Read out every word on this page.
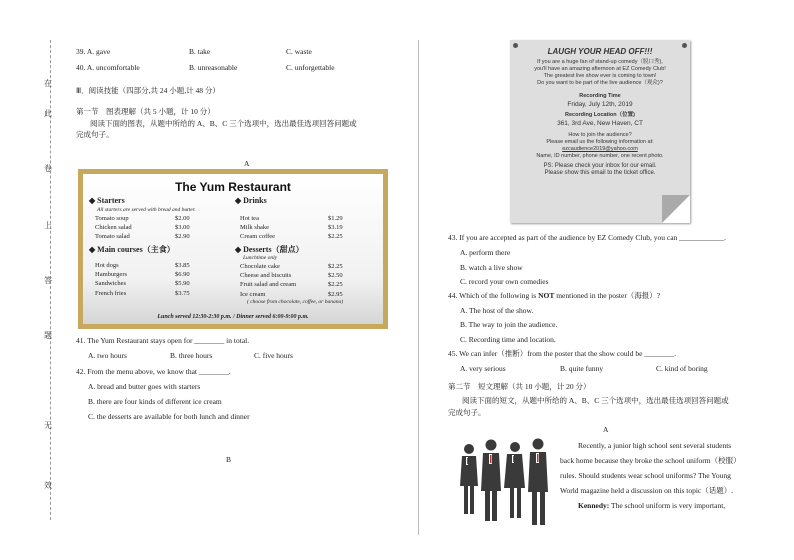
在
此
卷
上
答
题
无
效
39. A. gave	B. take	C. waste
40. A. uncomfortable	B. unreasonable	C. unforgettable
Ⅲ．阅读技能（四部分,共 24 小题,计 48 分）
第一节　图表理解（共 5 小题，计 10 分）
阅读下面的图表，从题中所给的 A、B、C 三个选项中，选出最佳选项回答问题或
完成句子。
A
The Yum Restaurant
◆ Starters
All starters are served with bread and butter.
Tomato soup	$2.00
Chicken salad	$3.00
Tomato salad	$2.90
◆ Main courses（主食）
Hot dogs	$3.85
Hamburgers	$6.90
Sandwiches	$5.90
French fries	$3.75
◆ Drinks
Hot tea	$1.29
Milk shake	$3.19
Cream coffee	$2.25
◆ Desserts（甜点）
Lunchtime only
Chocolate cake	$2.25
Cheese and biscuits	$2.50
Fruit salad and cream	$2.25
Ice cream	$2.95
( choose from chocolate, coffee, or banana)
Lunch served 12:30-2:30 p.m. / Dinner served 6:00-9:00 p.m.
41. The Yum Restaurant stays open for ________ in total.
A. two hours	B. three hours	C. five hours
42. From the menu above, we know that ________.
A. bread and butter goes with starters
B. there are four kinds of different ice cream
C. the desserts are available for both lunch and dinner
B
LAUGH YOUR HEAD OFF!!!
If you are a huge fan of stand-up comedy（脱口秀),
you'll have an amazing afternoon at EZ Comedy Club!
The greatest live show ever is coming to town!
Do you want to be part of the live audience（观众)?
Recording Time
Friday, July 12th, 2019
Recording Location（位置)
361, 3rd Ave, New Haven, CT
How to join the audience?
Please email us the following information at:
ezcaudience2019@yahoo.com
Name, ID number, phone number, one recent photo.
PS: Please check your inbox for our email.
Please show this email to the ticket office.
43. If you are accepted as part of the audience by EZ Comedy Club, you can ____________.
A. perform there
B. watch a live show
C. record your own comedies
44. Which of the following is NOT mentioned in the poster（海报）?
A. The host of the show.
B. The way to join the audience.
C. Recording time and location.
45. We can infer（推断）from the poster that the show could be ________.
A. very serious	B. quite funny	C. kind of boring
第二节　短文理解（共 10 小题，计 20 分）
阅读下面的短文，从题中所给的 A、B、C 三个选项中，选出最佳选项回答问题或
完成句子。
A
Recently, a junior high school sent several students
back home because they broke the school uniform（校服）
rules. Should students wear school uniforms? The Young
World magazine held a discussion on this topic（话题）.
Kennedy: The school uniform is very important,
